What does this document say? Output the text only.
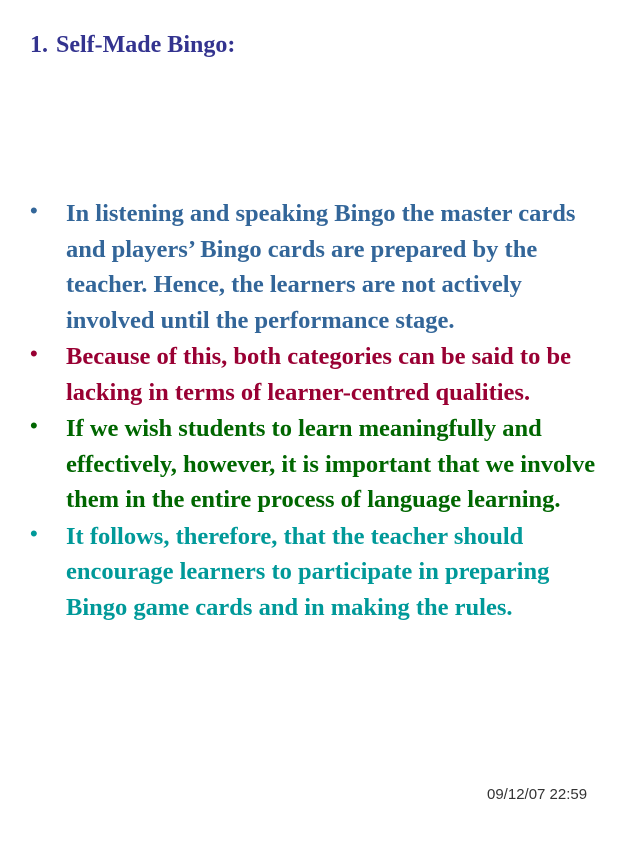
1. Self-Made Bingo:
•	In listening and speaking Bingo the master cards and players’ Bingo cards are prepared by the teacher. Hence, the learners are not actively involved until the performance stage.
•	Because of this, both categories can be said to be lacking in terms of learner-centred qualities.
•	If we wish students to learn meaningfully and effectively, however, it is important that we involve them in the entire process of language learning.
•	It follows, therefore, that the teacher should encourage learners to participate in preparing Bingo game cards and in making the rules.
09/12/07 22:59
